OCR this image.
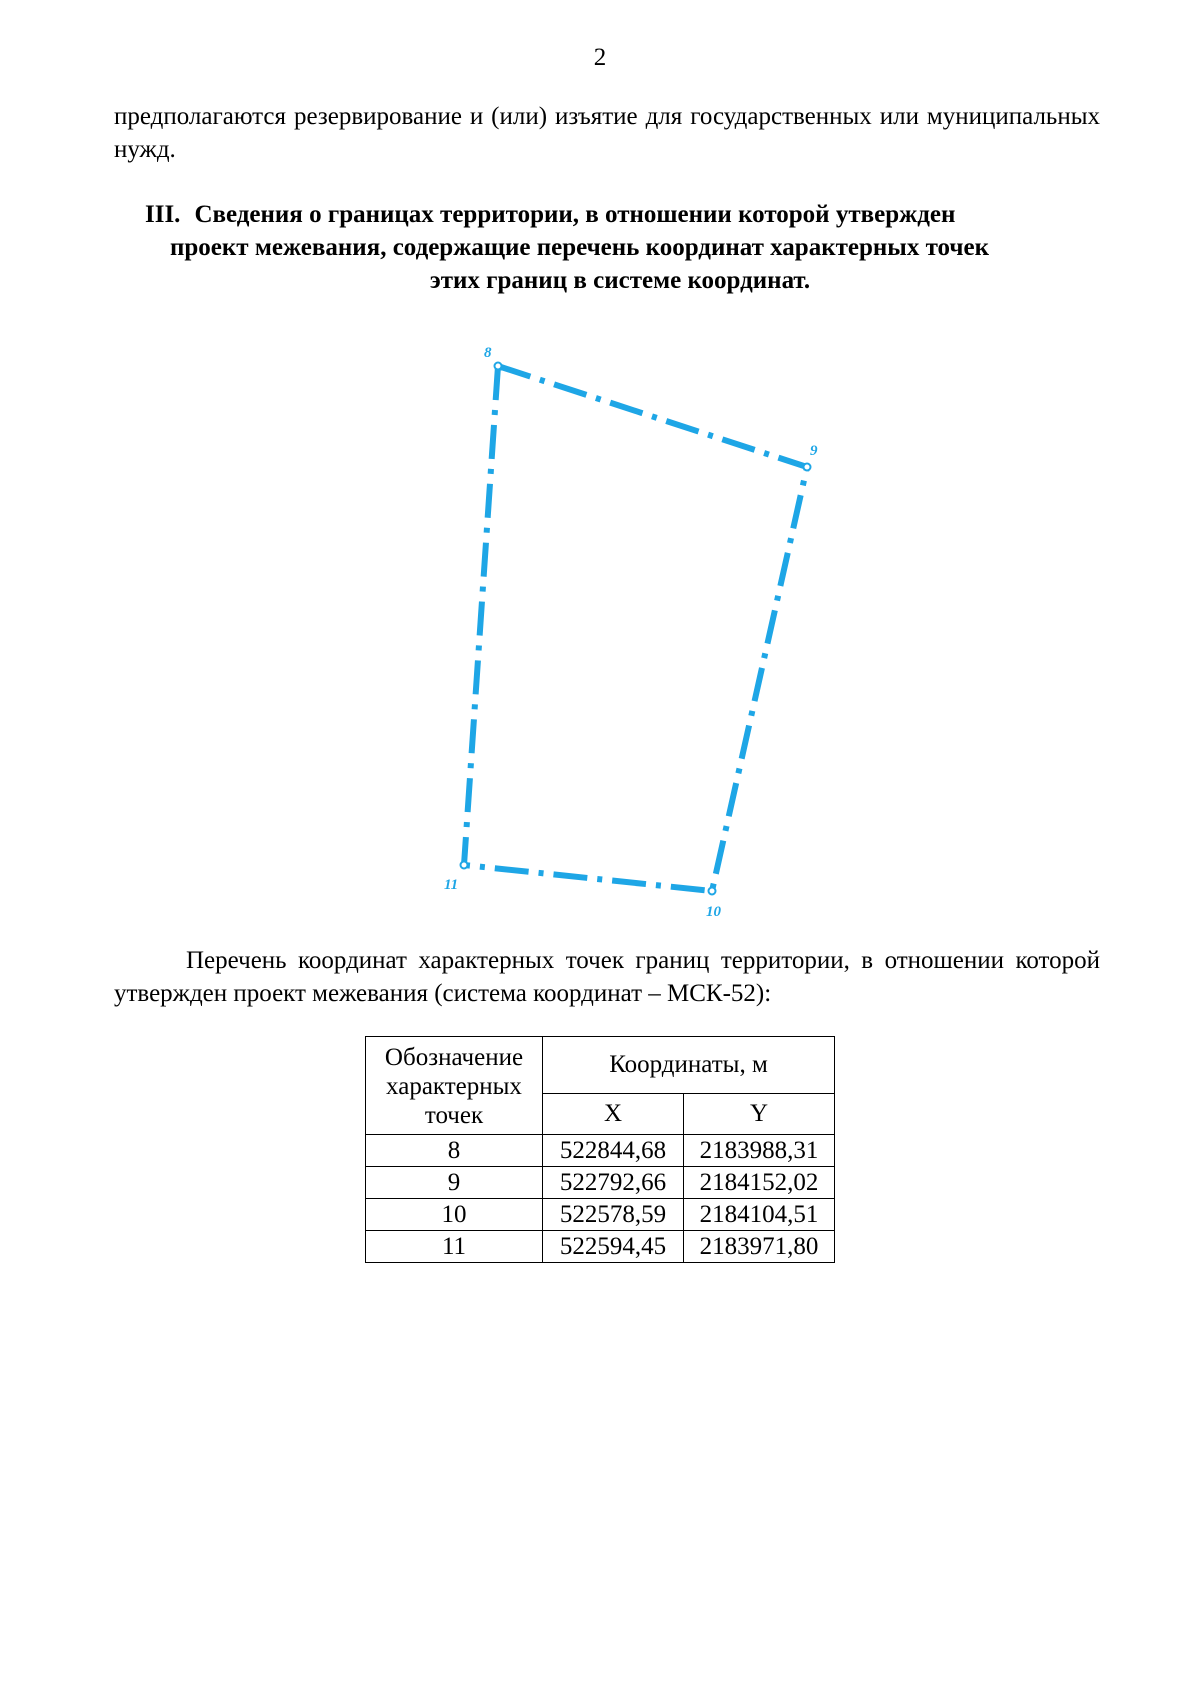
2

предполагаются резервирование и (или) изъятие для государственных или муниципальных нужд.

III. Сведения о границах территории, в отношении которой утвержден
проект межевания, содержащие перечень координат характерных точек
этих границ в системе координат.
8
9
10
11

Перечень координат характерных точек границ территории, в отношении которой утвержден проект межевания (система координат – МСК-52):

Обозначение характерных точек	Координаты, м	
	X	Y
8	522844,68	2183988,31
9	522792,66	2184152,02
10	522578,59	2184104,51
11	522594,45	2183971,80
